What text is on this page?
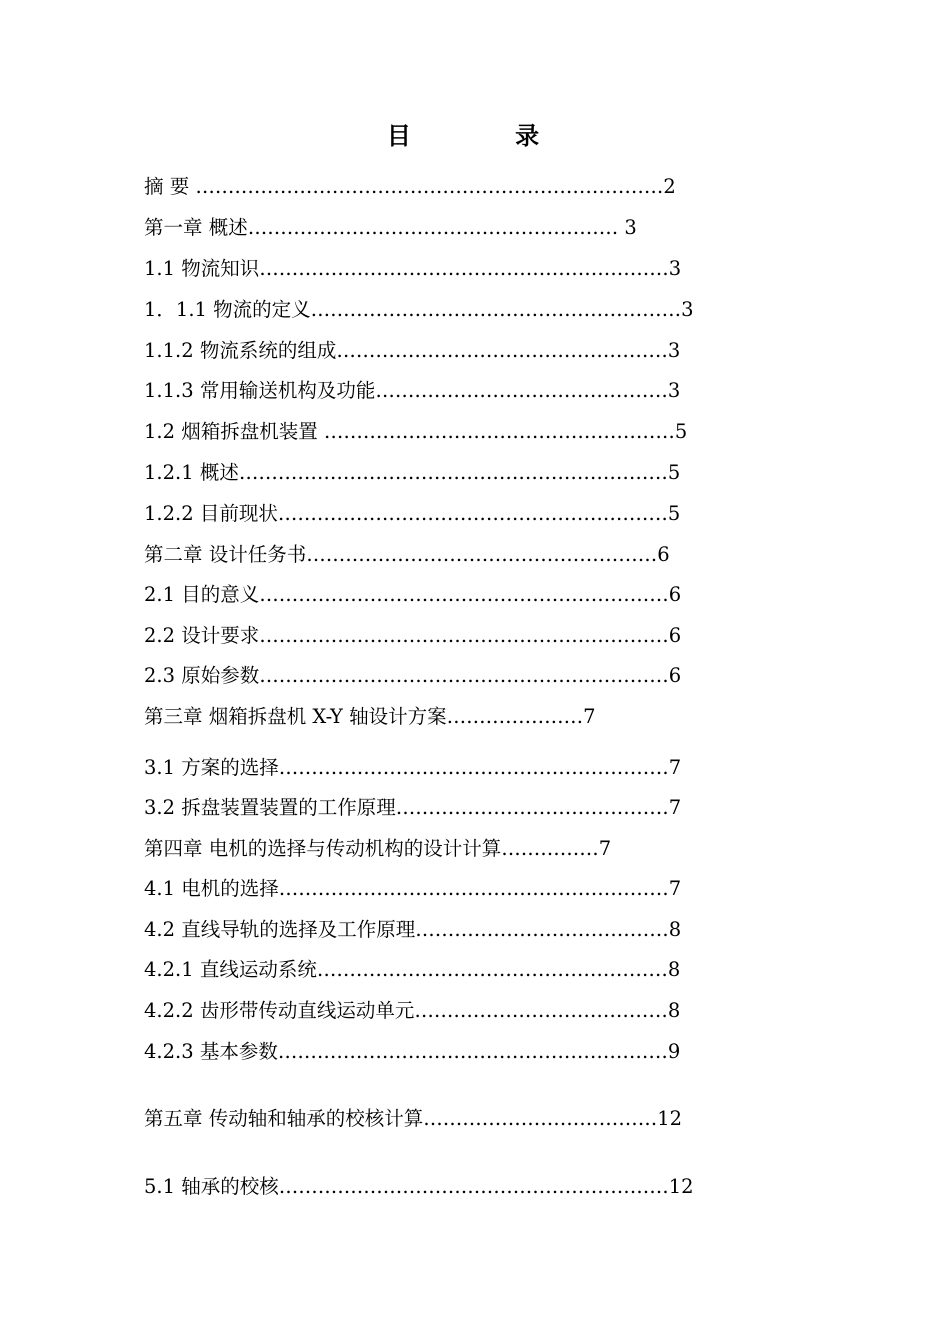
目 录
摘 要 ………………………………………………………………2
第一章 概述………………………………………………… 3
1.1 物流知识………………………………………………………3
1．1.1 物流的定义…………………………………………………3
1.1.2 物流系统的组成……………………………………………3
1.1.3 常用输送机构及功能………………………………………3
1.2 烟箱拆盘机装置 ………………………………………………5
1.2.1 概述…………………………………………………………5
1.2.2 目前现状……………………………………………………5
第二章 设计任务书………………………………………………6
2.1 目的意义………………………………………………………6
2.2 设计要求………………………………………………………6
2.3 原始参数………………………………………………………6
第三章 烟箱拆盘机 X-Y 轴设计方案…………………7
3.1 方案的选择……………………………………………………7
3.2 拆盘装置装置的工作原理……………………………………7
第四章 电机的选择与传动机构的设计计算……………7
4.1 电机的选择……………………………………………………7
4.2 直线导轨的选择及工作原理…………………………………8
4.2.1 直线运动系统………………………………………………8
4.2.2 齿形带传动直线运动单元…………………………………8
4.2.3 基本参数……………………………………………………9
第五章 传动轴和轴承的校核计算………………………………12
5.1 轴承的校核……………………………………………………12
